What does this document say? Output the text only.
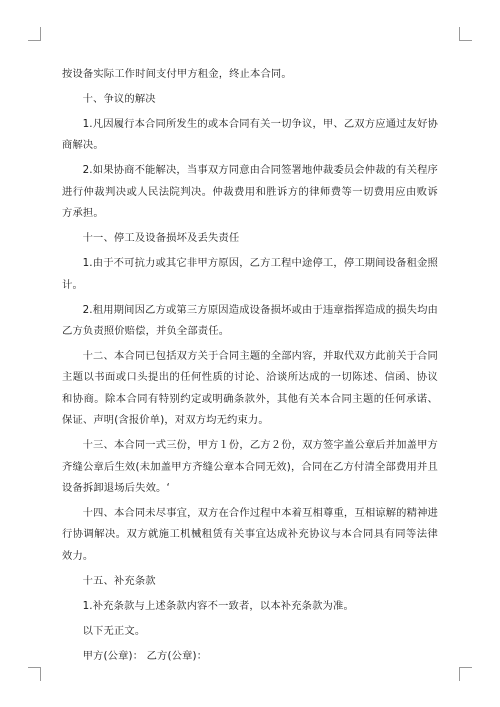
按设备实际工作时间支付甲方租金，终止本合同。

十、争议的解决

1.凡因履行本合同所发生的或本合同有关一切争议，甲、乙双方应通过友好协商解决。

2.如果协商不能解决，当事双方同意由合同签署地仲裁委员会仲裁的有关程序进行仲裁判决或人民法院判决。仲裁费用和胜诉方的律师费等一切费用应由败诉方承担。

十一、停工及设备损坏及丢失责任

1.由于不可抗力或其它非甲方原因，乙方工程中途停工，停工期间设备租金照计。

2.租用期间因乙方或第三方原因造成设备损坏或由于违章指挥造成的损失均由乙方负责照价赔偿，并负全部责任。

十二、本合同已包括双方关于合同主题的全部内容，并取代双方此前关于合同主题以书面或口头提出的任何性质的讨论、洽谈所达成的一切陈述、信函、协议和协商。除本合同有特别约定或明确条款外，其他有关本合同主题的任何承诺、保证、声明(含报价单)，对双方均无约束力。

十三、本合同一式三份，甲方１份，乙方２份，双方签字盖公章后并加盖甲方齐缝公章后生效(未加盖甲方齐缝公章本合同无效)，合同在乙方付清全部费用并且设备拆卸退场后失效。‘

十四、本合同未尽事宜，双方在合作过程中本着互相尊重，互相谅解的精神进行协调解决。双方就施工机械租赁有关事宜达成补充协议与本合同具有同等法律效力。

十五、补充条款

1.补充条款与上述条款内容不一致者，以本补充条款为准。

以下无正文。

甲方(公章)： 乙方(公章)：
